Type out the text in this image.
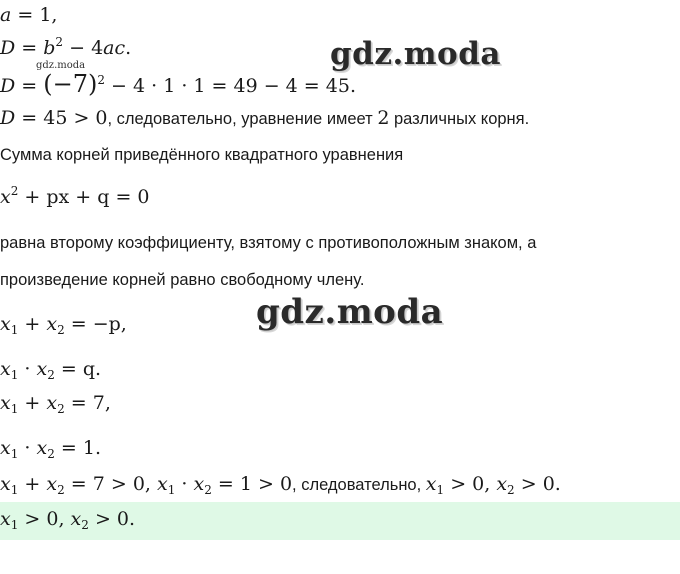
a = 1,
$D = b^2 - 4ac$.
$D = (-7)^2 - 4 \cdot 1 \cdot 1 = 49 - 4 = 45$.
D = 45 > 0, следовательно, уравнение имеет 2 различных корня.
Сумма корней приведённого квадратного уравнения
$x^2$ + px + q = 0
равна второму коэффициенту, взятому с противоположным знаком, а
произведение корней равно свободному члену.
$x_1 + x_2 = -p$,
$x_1 \cdot x_2 = q$.
$x_1 + x_2 = 7$,
$x_1 \cdot x_2 = 1$.
$x_1 + x_2 = 7 > 0$, $x_1 \cdot x_2 = 1 > 0$, следовательно, $x_1 > 0$, $x_2 > 0$.
$x_1 > 0$, $x_2 > 0$.
gdz.moda
gdz.moda
gdz.moda
